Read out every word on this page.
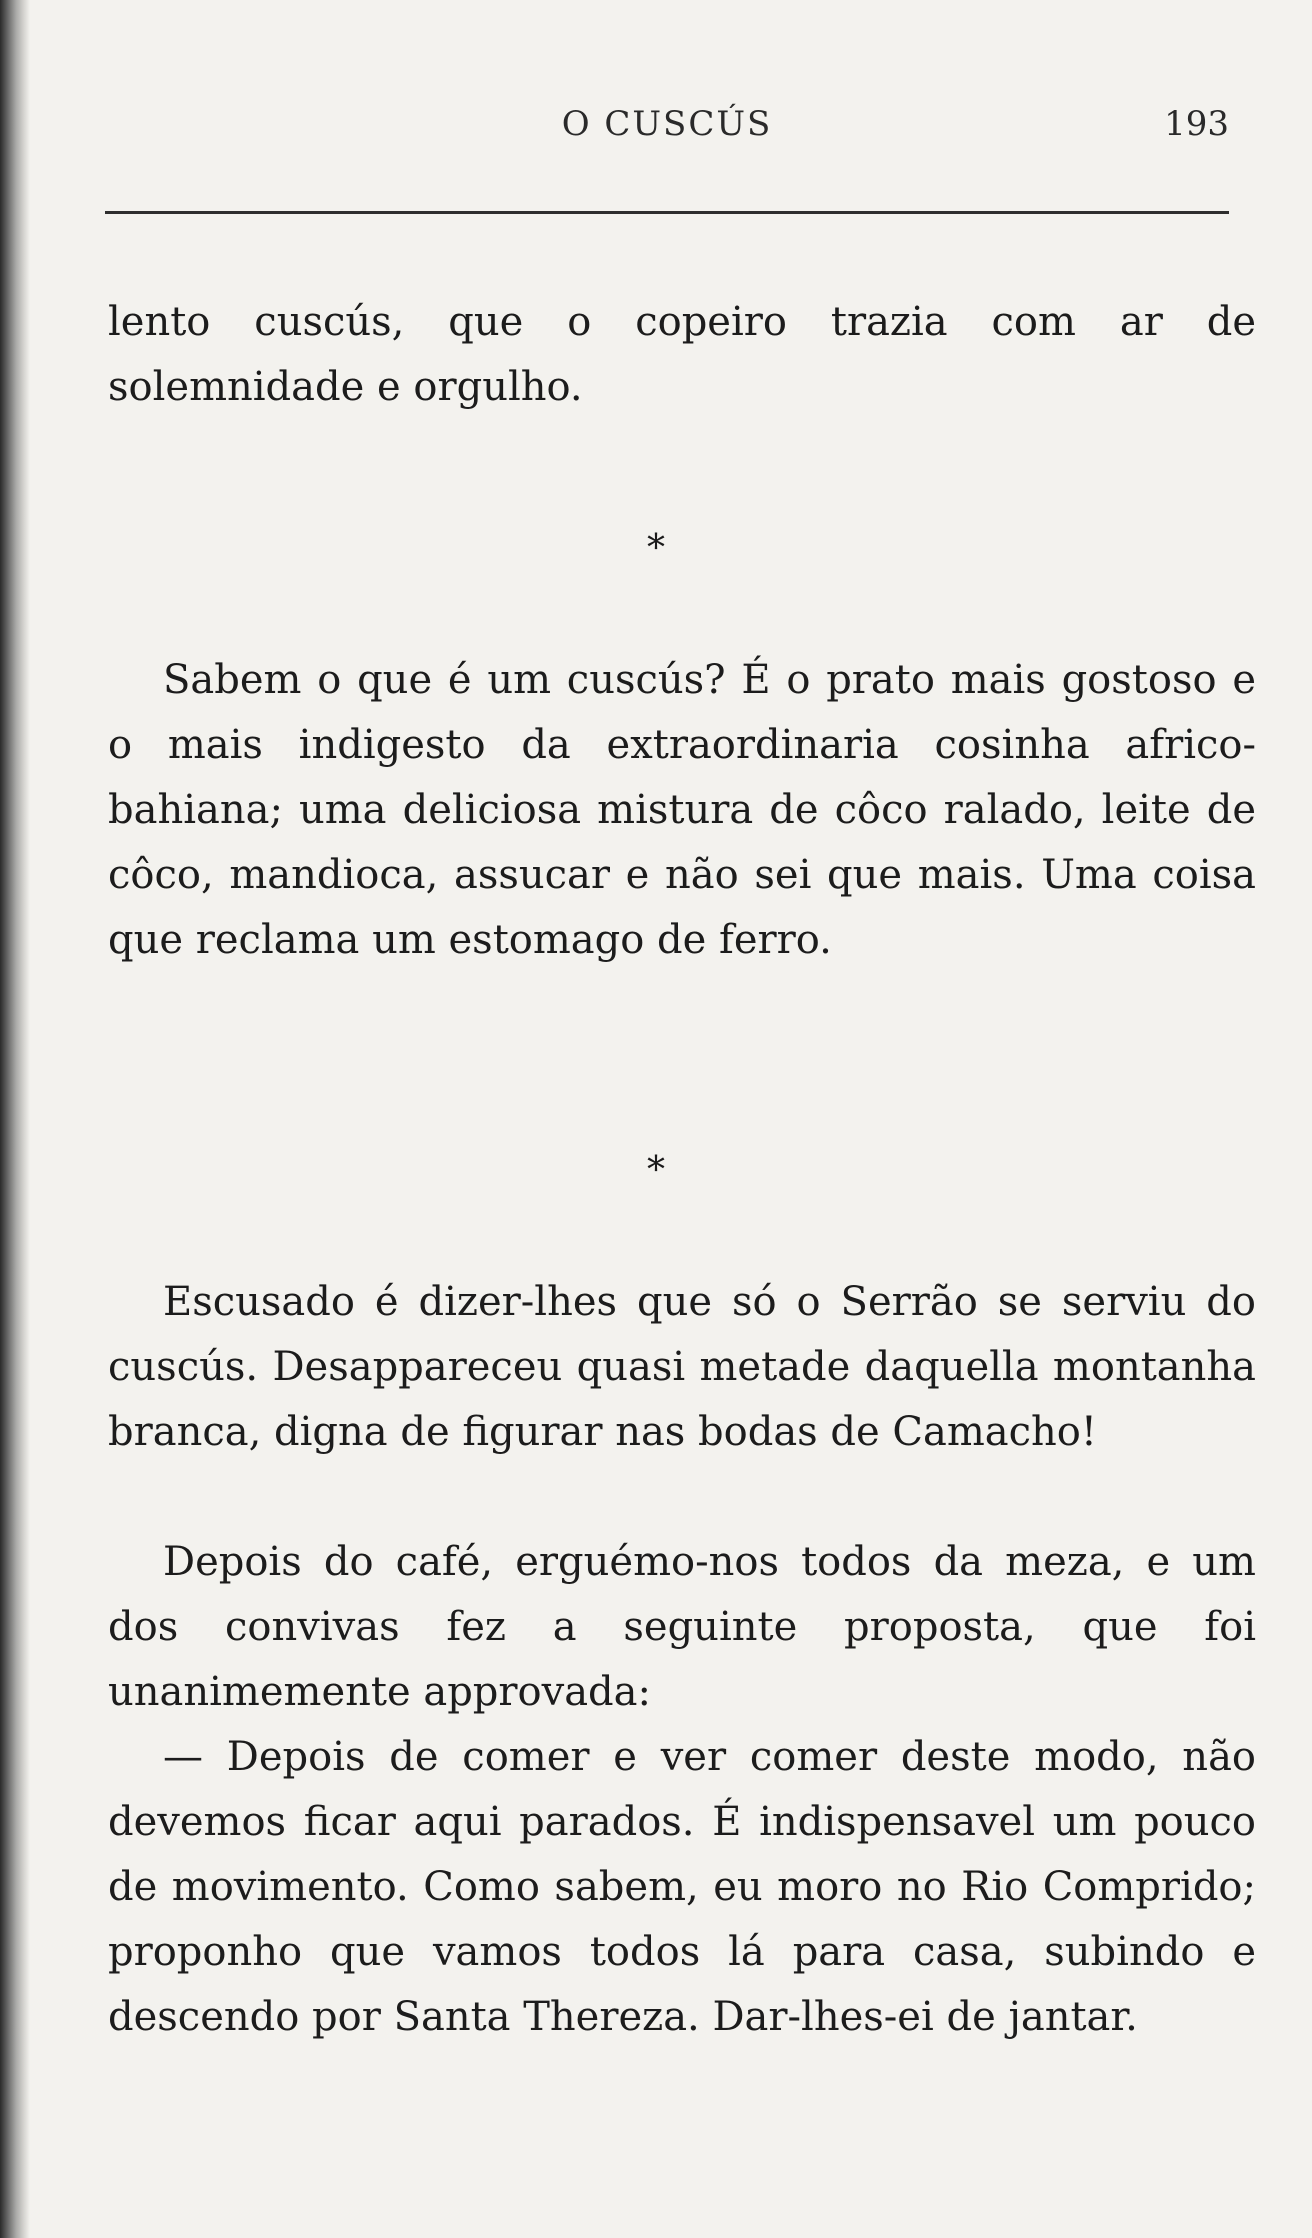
O CUSCÚS	193

lento cuscús, que o copeiro trazia com ar de solemnidade e orgulho.

*

Sabem o que é um cuscús? É o prato mais gostoso e o mais indigesto da extraordinaria cosinha africo-bahiana; uma deliciosa mistura de côco ralado, leite de côco, mandioca, assucar e não sei que mais. Uma coisa que reclama um estomago de ferro.

*

Escusado é dizer-lhes que só o Serrão se serviu do cuscús. Desappareceu quasi metade daquella montanha branca, digna de figurar nas bodas de Camacho!

Depois do café, erguémo-nos todos da meza, e um dos convivas fez a seguinte proposta, que foi unanimemente approvada:

— Depois de comer e ver comer deste modo, não devemos ficar aqui parados. É indispensavel um pouco de movimento. Como sabem, eu moro no Rio Comprido; proponho que vamos todos lá para casa, subindo e descendo por Santa Thereza. Dar-lhes-ei de jantar.
